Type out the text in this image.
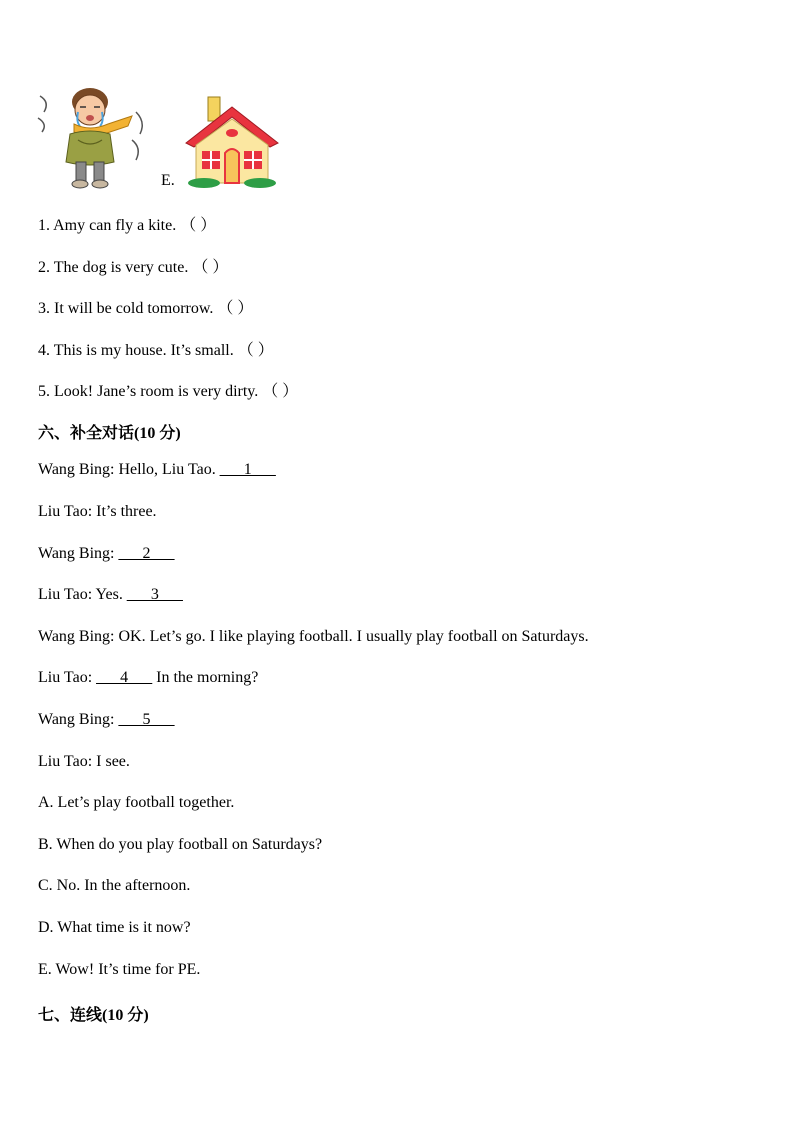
E.
1. Amy can fly a kite. （ ）
2. The dog is very cute. （ ）
3. It will be cold tomorrow. （ ）
4. This is my house. It’s small. （ ）
5. Look! Jane’s room is very dirty. （ ）
六、补全对话(10 分)
Wang Bing: Hello, Liu Tao. ___1___
Liu Tao: It’s three.
Wang Bing: ___2___
Liu Tao: Yes. ___3___
Wang Bing: OK. Let’s go. I like playing football. I usually play football on Saturdays.
Liu Tao: ___4___ In the morning?
Wang Bing: ___5___
Liu Tao: I see.
A. Let’s play football together.
B. When do you play football on Saturdays?
C. No. In the afternoon.
D. What time is it now?
E. Wow! It’s time for PE.
七、连线(10 分)
